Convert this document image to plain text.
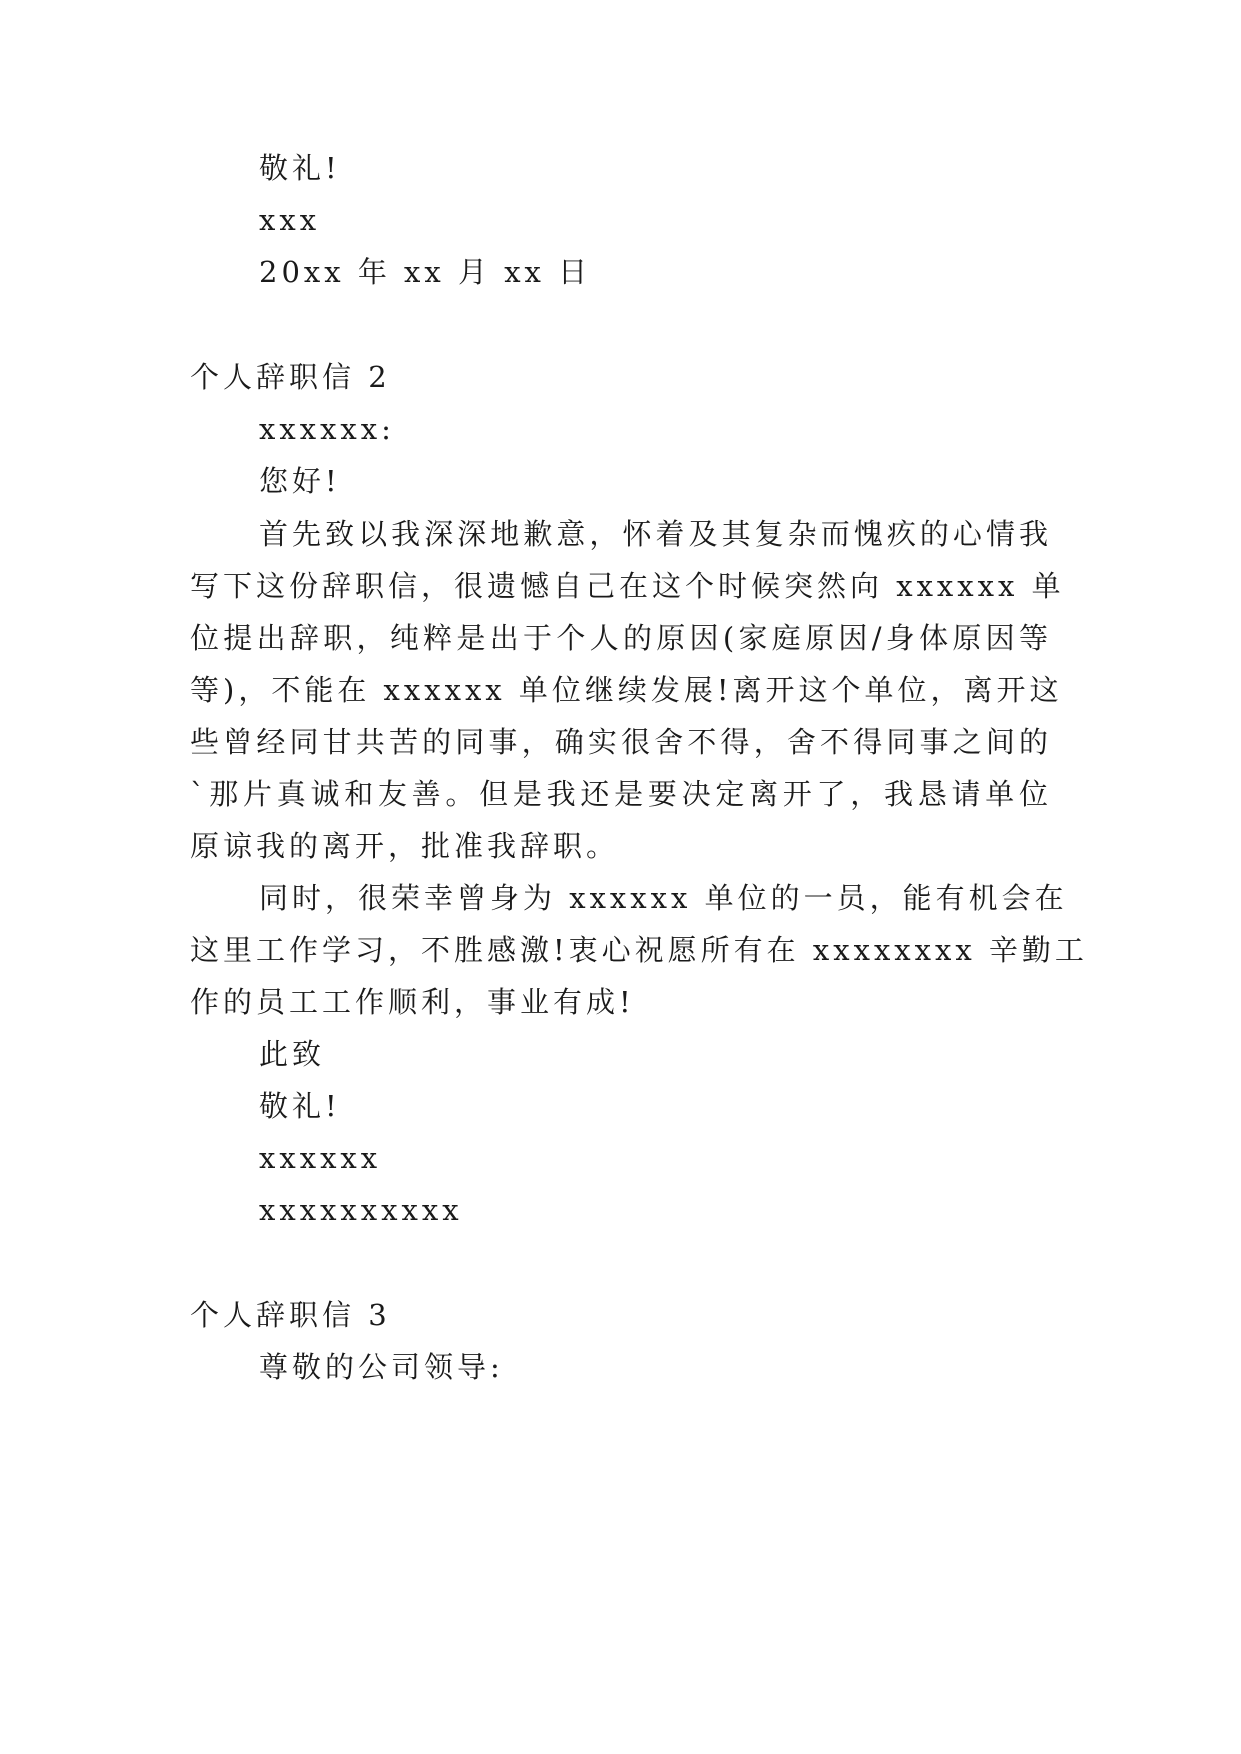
敬礼!
xxx
20xx 年 xx 月 xx 日
个人辞职信 2
xxxxxx:
您好!
首先致以我深深地歉意，怀着及其复杂而愧疚的心情我
写下这份辞职信，很遗憾自己在这个时候突然向 xxxxxx 单
位提出辞职，纯粹是出于个人的原因(家庭原因/身体原因等
等)，不能在 xxxxxx 单位继续发展!离开这个单位，离开这
些曾经同甘共苦的同事，确实很舍不得，舍不得同事之间的
`那片真诚和友善。但是我还是要决定离开了，我恳请单位
原谅我的离开，批准我辞职。
同时，很荣幸曾身为 xxxxxx 单位的一员，能有机会在
这里工作学习，不胜感激!衷心祝愿所有在 xxxxxxxx 辛勤工
作的员工工作顺利，事业有成!
此致
敬礼!
xxxxxx
xxxxxxxxxx
个人辞职信 3
尊敬的公司领导:
